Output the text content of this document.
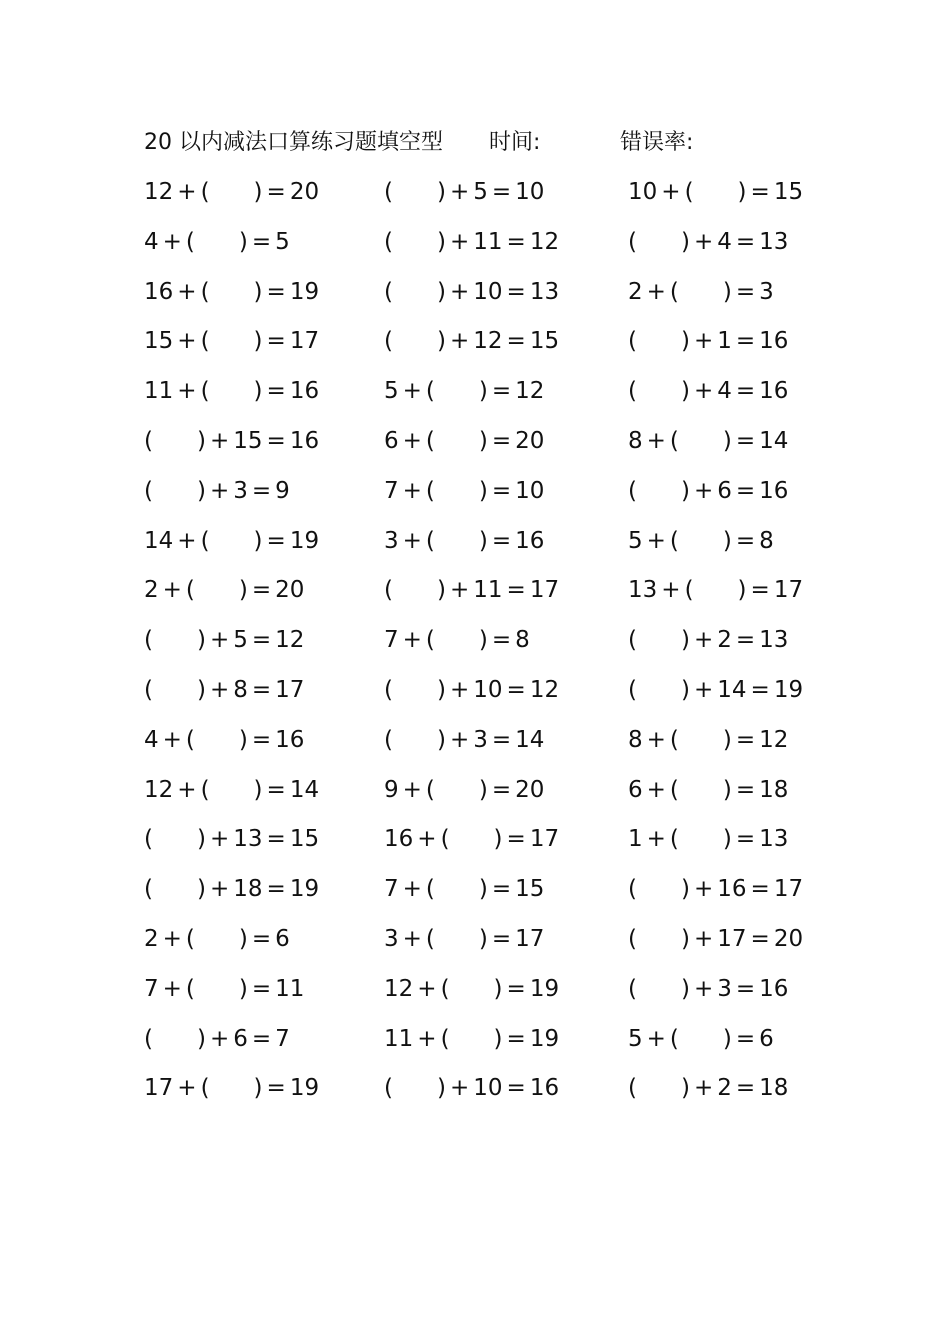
20 以内减法口算练习题填空型 时间:	错误率:
12 + ( ) = 20	( ) + 5 = 10	10 + ( ) = 15
4 + ( ) = 5	( ) + 11 = 12	( ) + 4 = 13
16 + ( ) = 19	( ) + 10 = 13	2 + ( ) = 3
15 + ( ) = 17	( ) + 12 = 15	( ) + 1 = 16
11 + ( ) = 16	5 + ( ) = 12	( ) + 4 = 16
( ) + 15 = 16	6 + ( ) = 20	8 + ( ) = 14
( ) + 3 = 9	7 + ( ) = 10	( ) + 6 = 16
14 + ( ) = 19	3 + ( ) = 16	5 + ( ) = 8
2 + ( ) = 20	( ) + 11 = 17	13 + ( ) = 17
( ) + 5 = 12	7 + ( ) = 8	( ) + 2 = 13
( ) + 8 = 17	( ) + 10 = 12	( ) + 14 = 19
4 + ( ) = 16	( ) + 3 = 14	8 + ( ) = 12
12 + ( ) = 14	9 + ( ) = 20	6 + ( ) = 18
( ) + 13 = 15	16 + ( ) = 17	1 + ( ) = 13
( ) + 18 = 19	7 + ( ) = 15	( ) + 16 = 17
2 + ( ) = 6	3 + ( ) = 17	( ) + 17 = 20
7 + ( ) = 11	12 + ( ) = 19	( ) + 3 = 16
( ) + 6 = 7	11 + ( ) = 19	5 + ( ) = 6
17 + ( ) = 19	( ) + 10 = 16	( ) + 2 = 18
